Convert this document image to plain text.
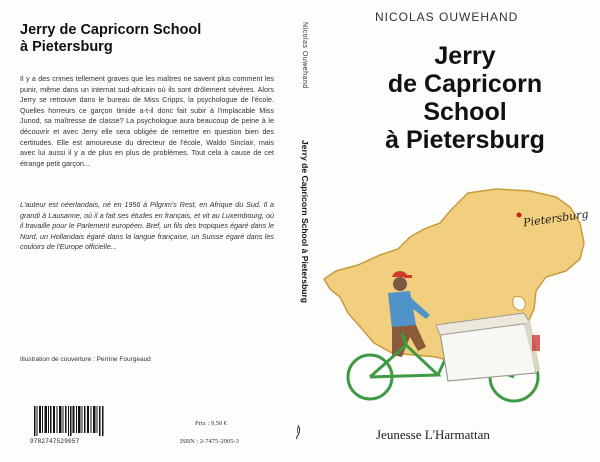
Jerry de Capricorn School
à Pietersburg
Il y a des crimes tellement graves que les maîtres ne savent plus comment les punir, même dans un internat sud-africain où ils sont drôlement sévères. Alors Jerry se retrouve dans le bureau de Miss Cripps, la psychologue de l'école. Quelles horreurs ce garçon timide a-t-il donc fait subir à l'implacable Miss Junod, sa maîtresse de classe? La psychologue aura beaucoup de peine à le découvrir et avec Jerry elle sera obligée de remettre en question bien des certitudes. Elle est amoureuse du directeur de l'école, Waldo Sinclair, mais avec lui aussi il y a de plus en plus de problèmes. Tout cela à cause de cet étrange petit garçon...
L'auteur est néerlandais, né en 1956 à Pilgrim's Rest, en Afrique du Sud. Il a grandi à Lausanne, où il a fait ses études en français, et vit au Luxembourg, où il travaille pour le Parlement européen. Bref, un fils des tropiques égaré dans le Nord, un Hollandais égaré dans la langue française, un Suisse égaré dans les couloirs de l'Europe officielle...
Illustration de couverture : Perrine Fourgeaud
9782747529057
Prix : 9,50 €
ISBN : 2-7475-2905-3
Nicolas Ouwehand
Jerry de Capricorn School à Pietersburg
NICOLAS OUWEHAND
Jerry
de Capricorn
School
à Pietersburg
Pietersburg
Jeunesse L'Harmattan
